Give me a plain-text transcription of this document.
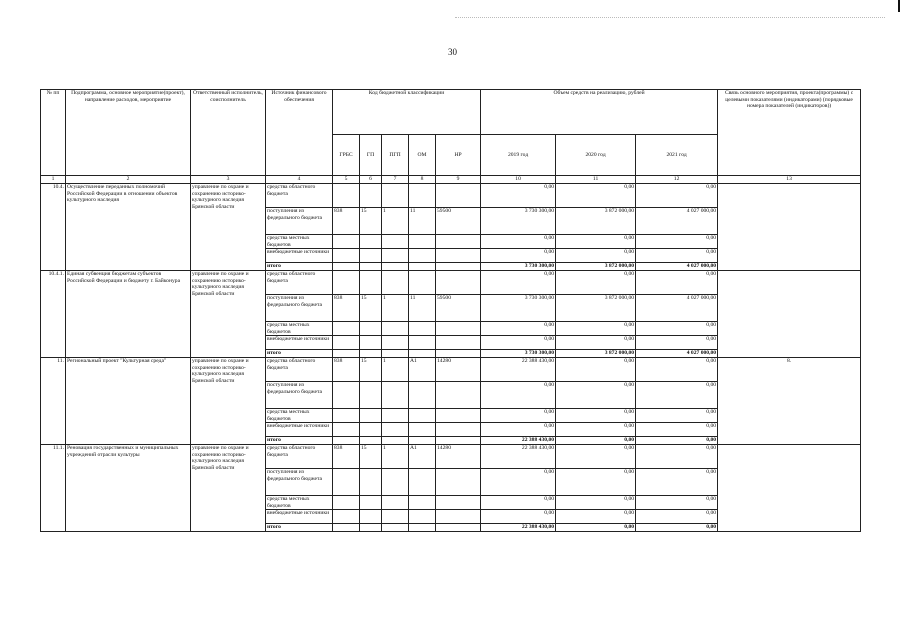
30
№ пп	Подпрограмма, основное мероприятие(проект), направление расходов, мероприятие	Ответственный исполнитель, соисполнитель	Источник финансового обеспечения	Код бюджетной классификации					Объем средств на реализацию, рублей			Связь основного мероприятия, проекта(программы) с целевыми показателями (индикаторами) (порядковые номера показателей (индикаторов))
				ГРБС	ГП	ПГП	ОМ	НР	2019 год	2020 год	2021 год	
1	2	3	4	5	6	7	8	9	10	11	12	13
10.4.	Осуществление переданных полномочий Российской Федерации в отношении объектов культурного наследия	управление по охране и сохранению историко-культурного наследия Брянской области	средства областного бюджета						0,00	0,00	0,00	
			поступления из федерального бюджета	838	15	1	11	59500	3 730 300,00	3 872 000,00	4 027 000,00	
			средства местных бюджетов						0,00	0,00	0,00	
			внебюджетные источники						0,00	0,00	0,00	
			итого						3 730 300,00	3 872 000,00	4 027 000,00	
10.4.1.	Единая субвенция бюджетам субъектов Российской Федерации и бюджету г. Байконура	управление по охране и сохранению историко-культурного наследия Брянской области	средства областного бюджета						0,00	0,00	0,00	
			поступления из федерального бюджета	838	15	1	11	59500	3 730 300,00	3 872 000,00	4 027 000,00	
			средства местных бюджетов						0,00	0,00	0,00	
			внебюджетные источники						0,00	0,00	0,00	
			итого						3 730 300,00	3 872 000,00	4 027 000,00	
11.	Региональный проект "Культурная среда"	управление по охране и сохранению историко-культурного наследия Брянской области	средства областного бюджета	838	15	1	A1	14280	22 388 430,00	0,00	0,00	8.
			поступления из федерального бюджета						0,00	0,00	0,00	
			средства местных бюджетов						0,00	0,00	0,00	
			внебюджетные источники						0,00	0,00	0,00	
			итого						22 388 430,00	0,00	0,00	
11.1.	Реновация государственных и муниципальных учреждений отрасли культуры	управление по охране и сохранению историко-культурного наследия Брянской области	средства областного бюджета	838	15	1	A1	14280	22 388 430,00	0,00	0,00	
			поступления из федерального бюджета						0,00	0,00	0,00	
			средства местных бюджетов						0,00	0,00	0,00	
			внебюджетные источники						0,00	0,00	0,00	
			итого						22 388 430,00	0,00	0,00	
